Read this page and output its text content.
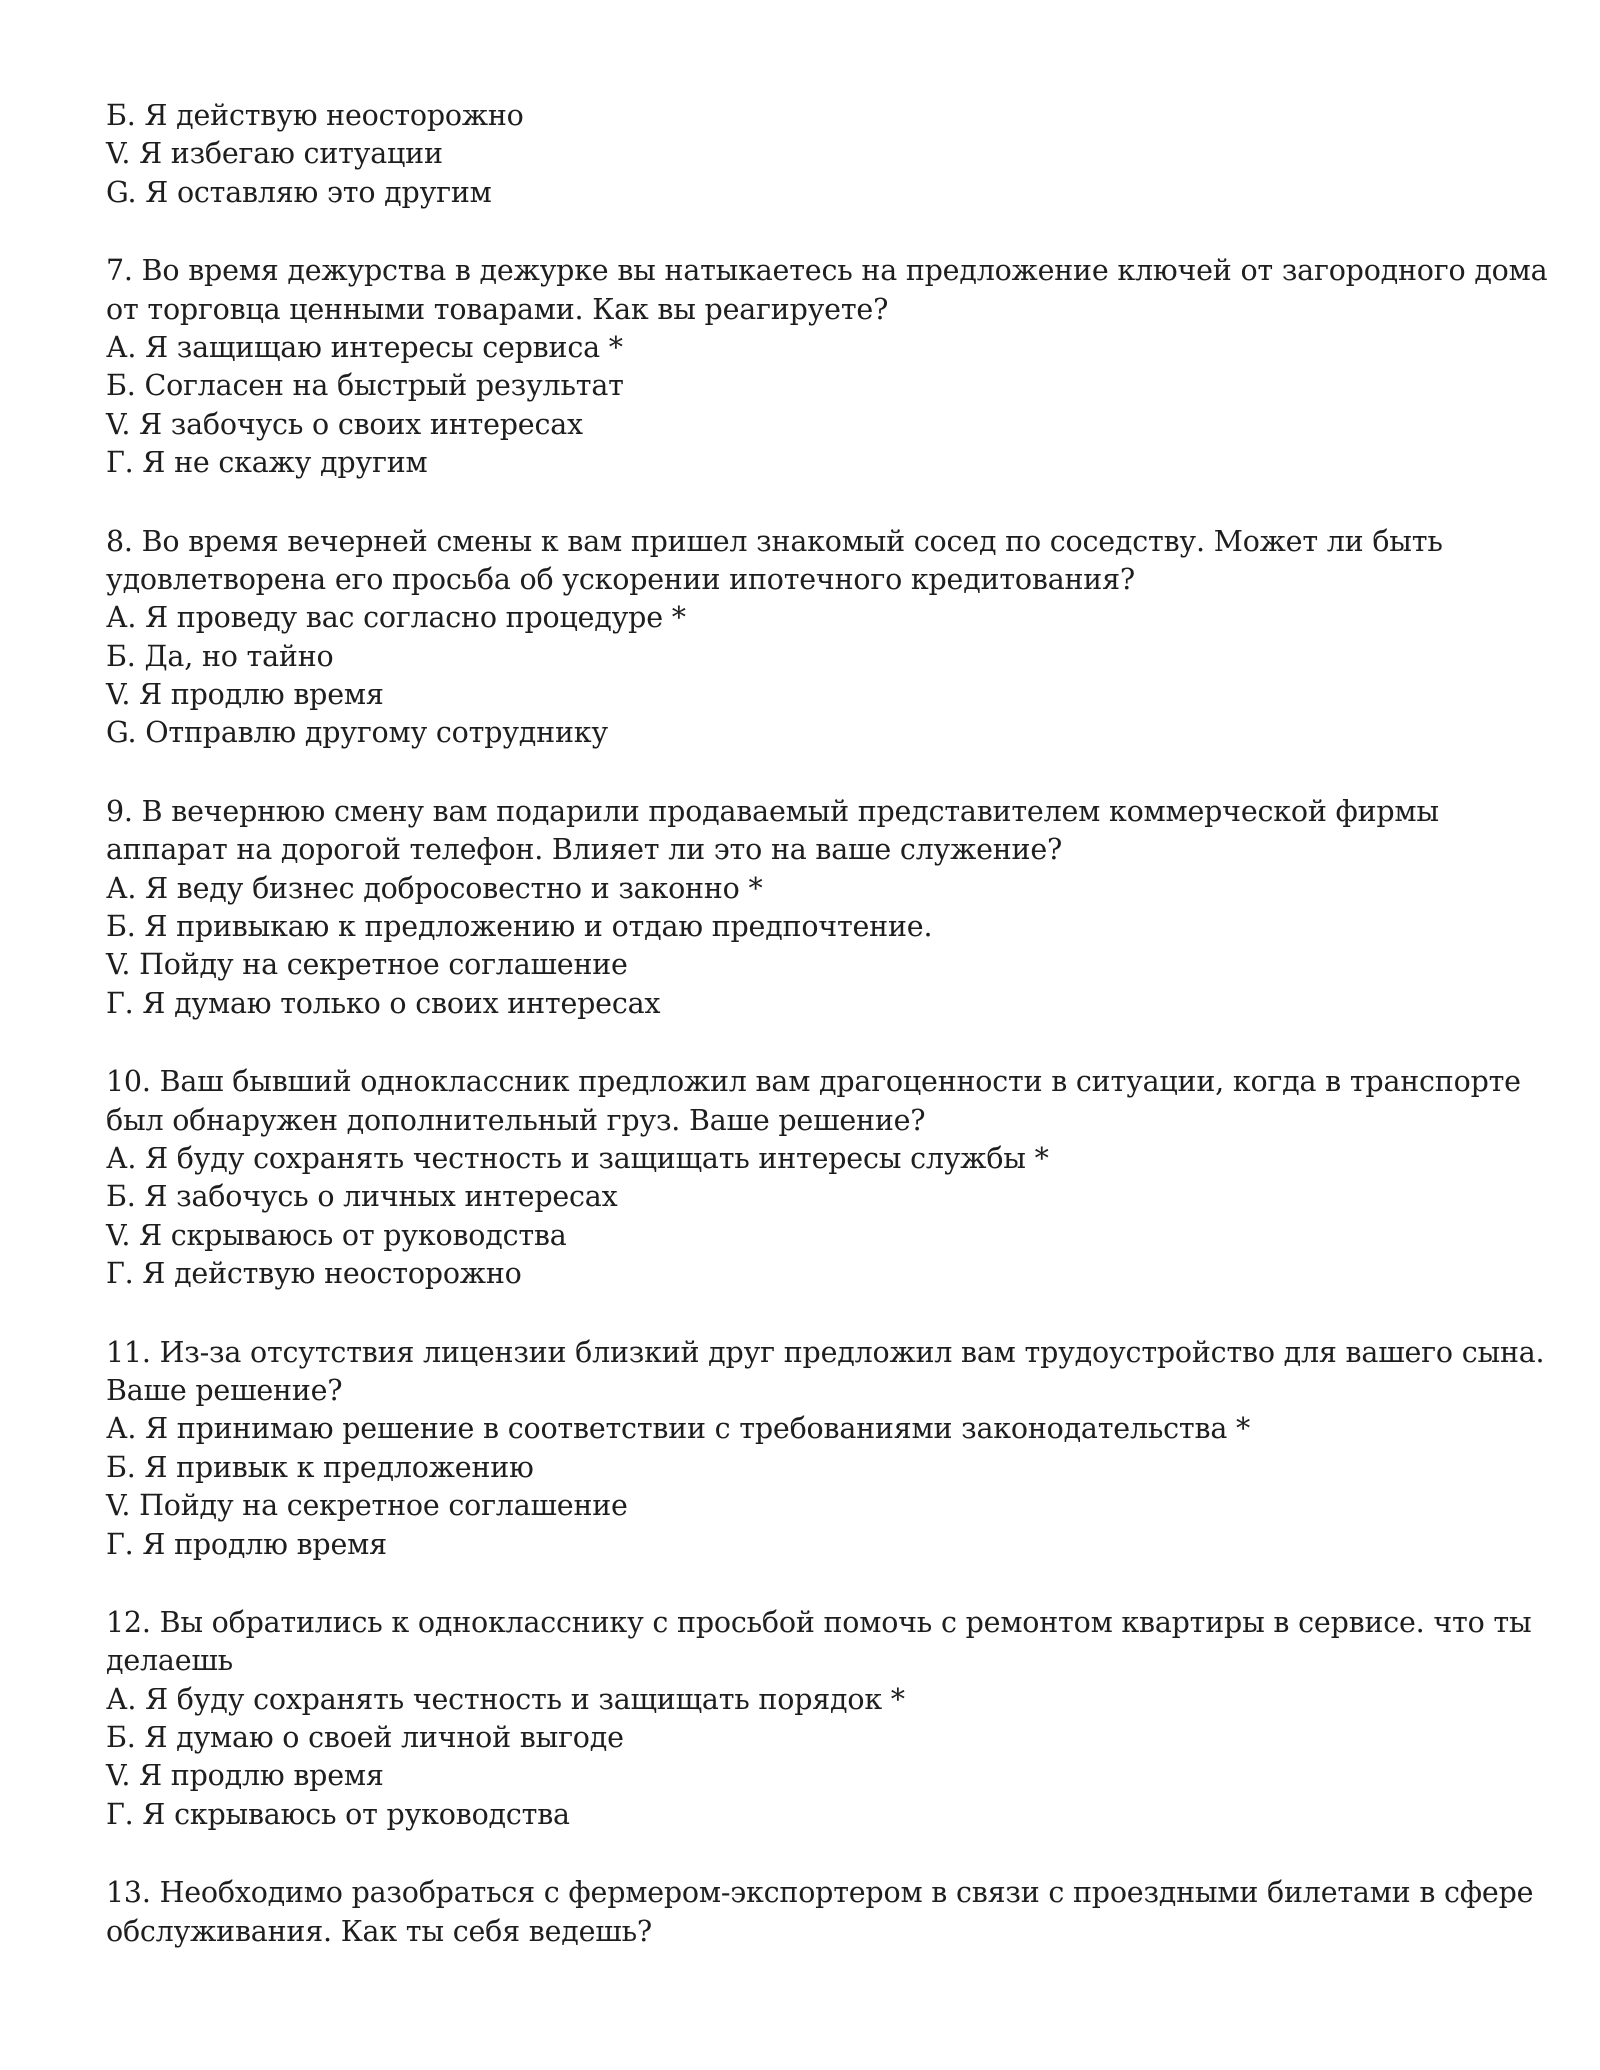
Б. Я действую неосторожно
V. Я избегаю ситуации
G. Я оставляю это другим
7. Во время дежурства в дежурке вы натыкаетесь на предложение ключей от загородного дома
от торговца ценными товарами. Как вы реагируете?
А. Я защищаю интересы сервиса *
Б. Согласен на быстрый результат
V. Я забочусь о своих интересах
Г. Я не скажу другим
8. Во время вечерней смены к вам пришел знакомый сосед по соседству. Может ли быть
удовлетворена его просьба об ускорении ипотечного кредитования?
А. Я проведу вас согласно процедуре *
Б. Да, но тайно
V. Я продлю время
G. Отправлю другому сотруднику
9. В вечернюю смену вам подарили продаваемый представителем коммерческой фирмы
аппарат на дорогой телефон. Влияет ли это на ваше служение?
А. Я веду бизнес добросовестно и законно *
Б. Я привыкаю к предложению и отдаю предпочтение.
V. Пойду на секретное соглашение
Г. Я думаю только о своих интересах
10. Ваш бывший одноклассник предложил вам драгоценности в ситуации, когда в транспорте
был обнаружен дополнительный груз. Ваше решение?
А. Я буду сохранять честность и защищать интересы службы *
Б. Я забочусь о личных интересах
V. Я скрываюсь от руководства
Г. Я действую неосторожно
11. Из-за отсутствия лицензии близкий друг предложил вам трудоустройство для вашего сына.
Ваше решение?
А. Я принимаю решение в соответствии с требованиями законодательства *
Б. Я привык к предложению
V. Пойду на секретное соглашение
Г. Я продлю время
12. Вы обратились к однокласснику с просьбой помочь с ремонтом квартиры в сервисе. что ты
делаешь
А. Я буду сохранять честность и защищать порядок *
Б. Я думаю о своей личной выгоде
V. Я продлю время
Г. Я скрываюсь от руководства
13. Необходимо разобраться с фермером-экспортером в связи с проездными билетами в сфере
обслуживания. Как ты себя ведешь?
